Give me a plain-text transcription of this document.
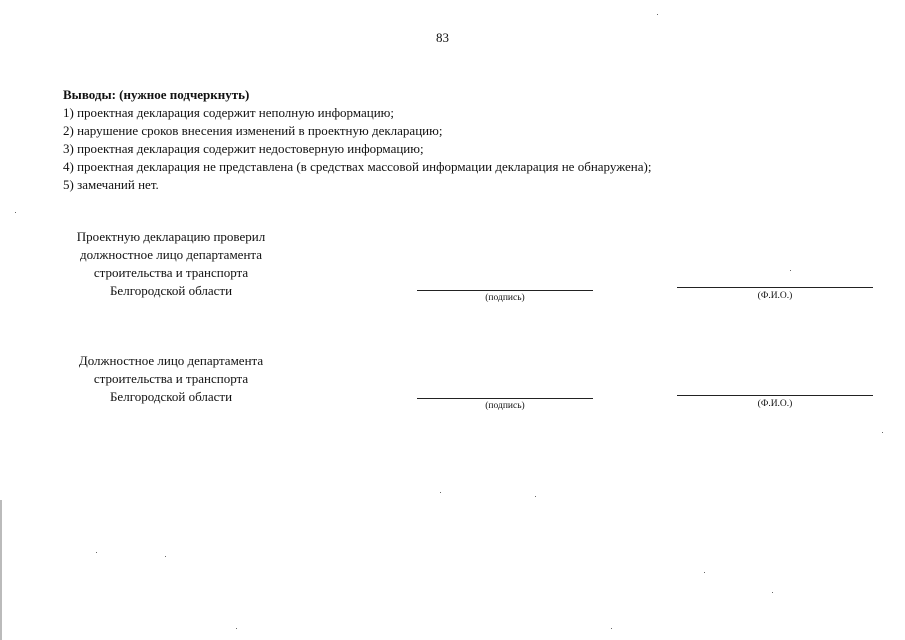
83
Выводы: (нужное подчеркнуть)
1) проектная декларация содержит неполную информацию;
2) нарушение сроков внесения изменений в проектную декларацию;
3) проектная декларация содержит недостоверную информацию;
4) проектная декларация не представлена (в средствах массовой информации декларация не обнаружена);
5) замечаний нет.
Проектную декларацию проверил
должностное лицо департамента
строительства и транспорта
Белгородской области	(подпись)	(Ф.И.О.)
Должностное лицо департамента
строительства и транспорта
Белгородской области
(подпись)	(Ф.И.О.)
